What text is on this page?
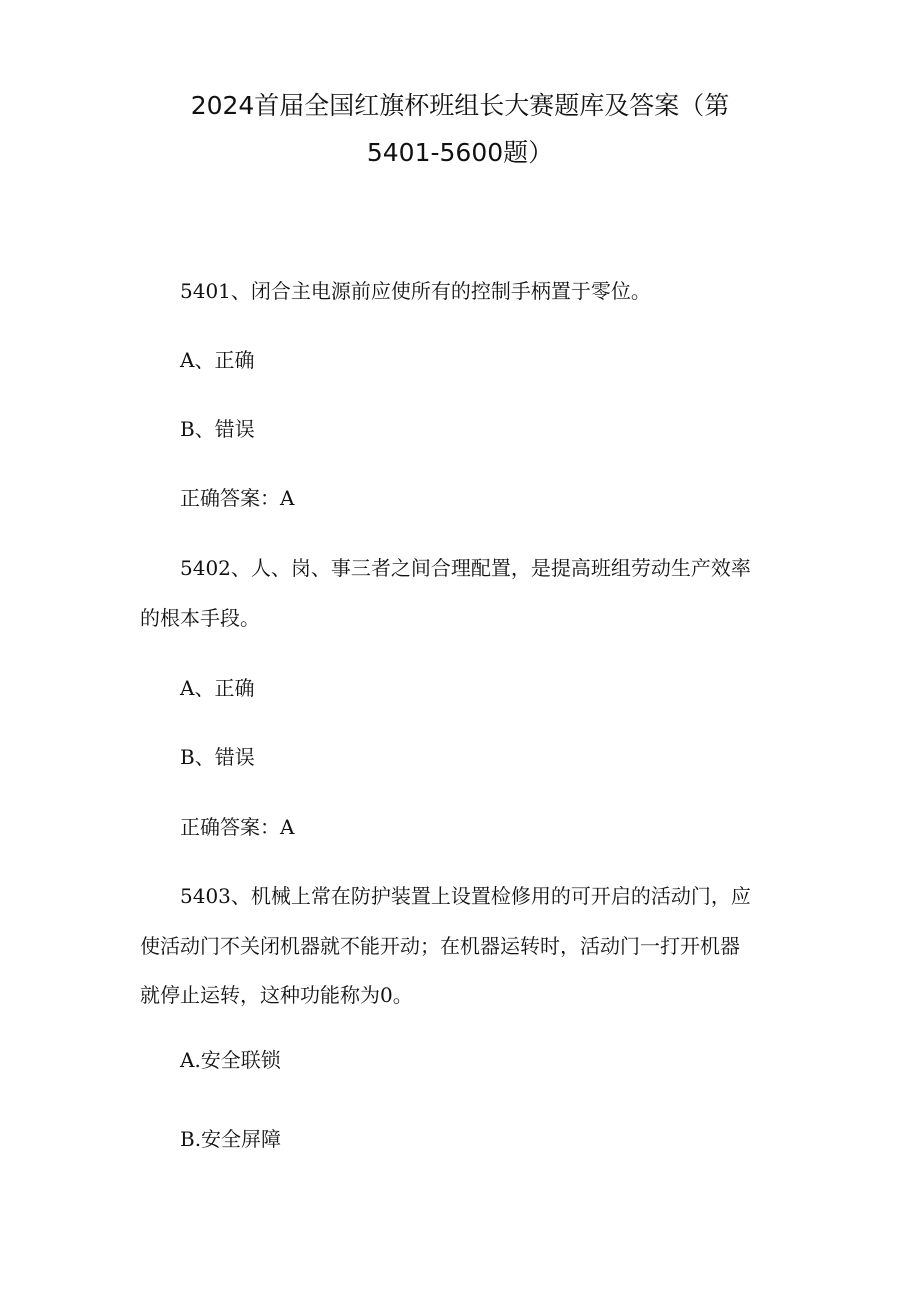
2024首届全国红旗杯班组长大赛题库及答案（第
5401-5600题）
5401、闭合主电源前应使所有的控制手柄置于零位。
A、正确
B、错误
正确答案：A
5402、人、岗、事三者之间合理配置，是提高班组劳动生产效率
的根本手段。
A、正确
B、错误
正确答案：A
5403、机械上常在防护装置上设置检修用的可开启的活动门，应
使活动门不关闭机器就不能开动；在机器运转时，活动门一打开机器
就停止运转，这种功能称为0。
A.安全联锁
B.安全屏障
